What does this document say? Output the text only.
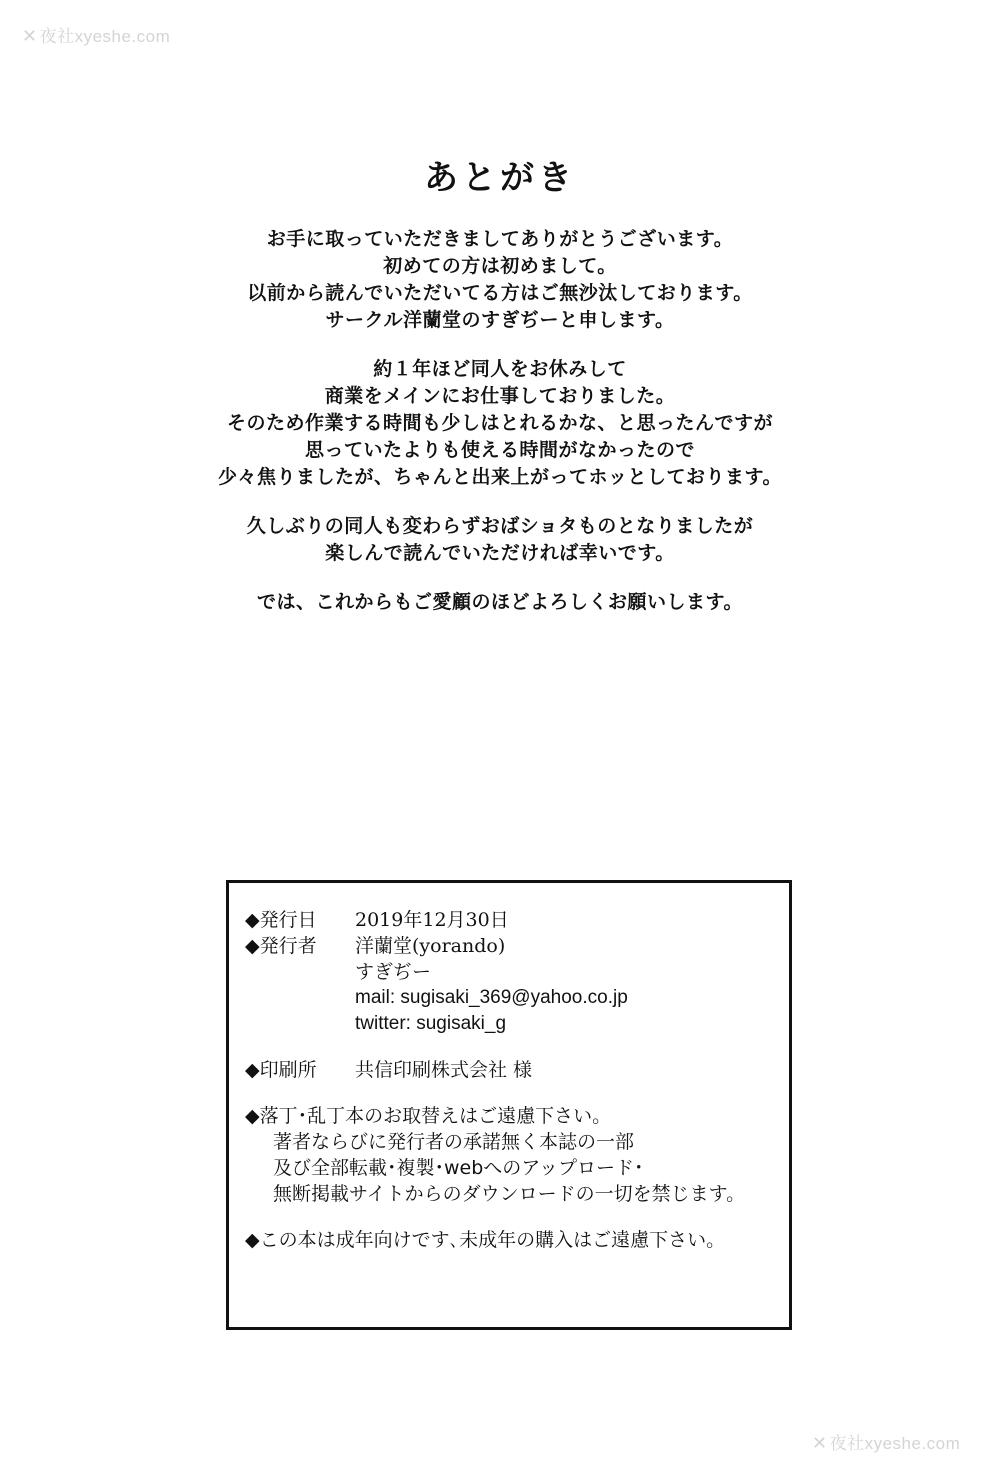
✕ 夜社xyeshe.com
あとがき
お手に取っていただきましてありがとうございます。
初めての方は初めまして。
以前から読んでいただいてる方はご無沙汰しております。
サークル洋蘭堂のすぎぢーと申します。
約１年ほど同人をお休みして
商業をメインにお仕事しておりました。
そのため作業する時間も少しはとれるかな、と思ったんですが
思っていたよりも使える時間がなかったので
少々焦りましたが、ちゃんと出来上がってホッとしております。
久しぶりの同人も変わらずおばショタものとなりましたが
楽しんで読んでいただければ幸いです。
では、これからもご愛顧のほどよろしくお願いします。
◆発行日 2019年12月30日
◆発行者 洋蘭堂(yorando)
すぎぢー
mail: sugisaki_369@yahoo.co.jp
twitter: sugisaki_g
◆印刷所 共信印刷株式会社 様
◆落丁･乱丁本のお取替えはご遠慮下さい。
著者ならびに発行者の承諾無く本誌の一部
及び全部転載･複製･webへのアップロード･
無断掲載サイトからのダウンロードの一切を禁じます。
◆この本は成年向けです､未成年の購入はご遠慮下さい。
✕ 夜社xyeshe.com
